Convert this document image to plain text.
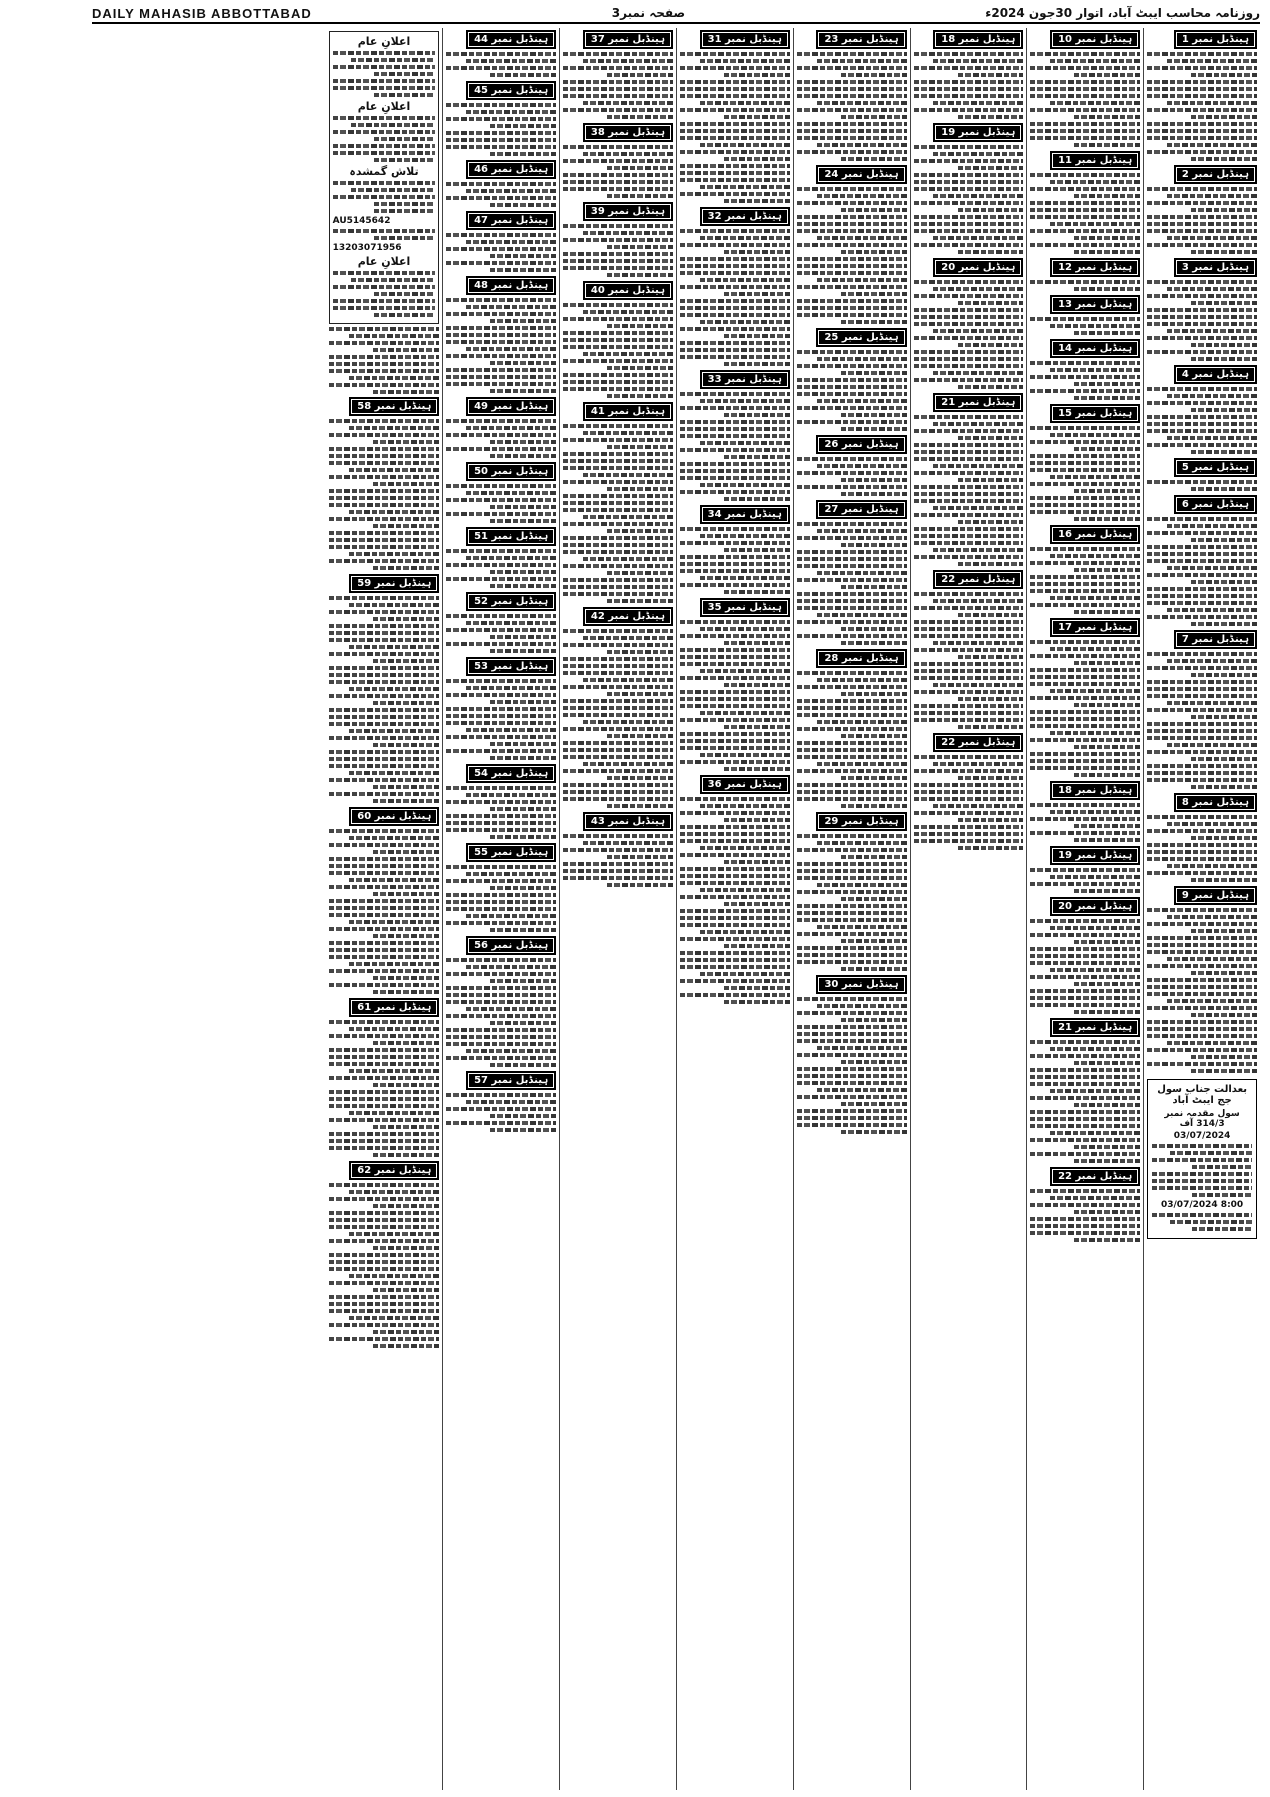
DAILY MAHASIB ABBOTTABAD	صفحہ نمبر3	روزنامہ محاسب ایبٹ آباد، اتوار 30جون 2024ء
ہینڈبل نمبر 1
ہینڈبل نمبر 2
ہینڈبل نمبر 3
ہینڈبل نمبر 4
ہینڈبل نمبر 5
ہینڈبل نمبر 6
ہینڈبل نمبر 7
ہینڈبل نمبر 8
ہینڈبل نمبر 9
بعدالت جناب سول جج ایبٹ آباد
سول مقدمہ نمبر 314/3 آف
03/07/2024
03/07/2024 8:00
ہینڈبل نمبر 10
ہینڈبل نمبر 11
ہینڈبل نمبر 12
ہینڈبل نمبر 13
ہینڈبل نمبر 14
ہینڈبل نمبر 15
ہینڈبل نمبر 16
ہینڈبل نمبر 17
ہینڈبل نمبر 18
ہینڈبل نمبر 19
ہینڈبل نمبر 20
ہینڈبل نمبر 21
ہینڈبل نمبر 22
ہینڈبل نمبر 18
ہینڈبل نمبر 19
ہینڈبل نمبر 20
ہینڈبل نمبر 21
ہینڈبل نمبر 22
ہینڈبل نمبر 22
ہینڈبل نمبر 23
ہینڈبل نمبر 24
ہینڈبل نمبر 25
ہینڈبل نمبر 26
ہینڈبل نمبر 27
ہینڈبل نمبر 28
ہینڈبل نمبر 29
ہینڈبل نمبر 30
ہینڈبل نمبر 31
ہینڈبل نمبر 32
ہینڈبل نمبر 33
ہینڈبل نمبر 34
ہینڈبل نمبر 35
ہینڈبل نمبر 36
ہینڈبل نمبر 37
ہینڈبل نمبر 38
ہینڈبل نمبر 39
ہینڈبل نمبر 40
ہینڈبل نمبر 41
ہینڈبل نمبر 42
ہینڈبل نمبر 43
ہینڈبل نمبر 44
ہینڈبل نمبر 45
ہینڈبل نمبر 46
ہینڈبل نمبر 47
ہینڈبل نمبر 48
ہینڈبل نمبر 49
ہینڈبل نمبر 50
ہینڈبل نمبر 51
ہینڈبل نمبر 52
ہینڈبل نمبر 53
ہینڈبل نمبر 54
ہینڈبل نمبر 55
ہینڈبل نمبر 56
ہینڈبل نمبر 57
اعلانِ عام
اعلانِ عام
تلاش گمشدہ
AU5145642
13203071956
اعلانِ عام
ہینڈبل نمبر 58
ہینڈبل نمبر 59
ہینڈبل نمبر 60
ہینڈبل نمبر 61
ہینڈبل نمبر 62
